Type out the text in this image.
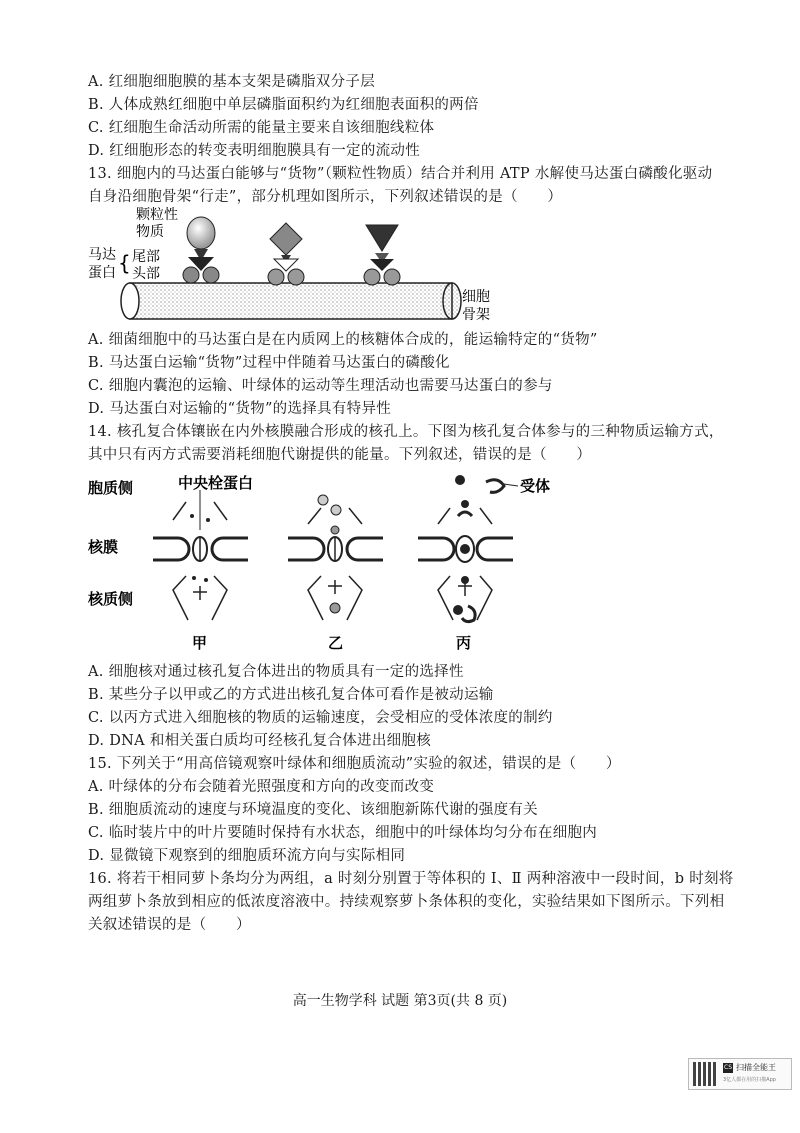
A. 红细胞细胞膜的基本支架是磷脂双分子层
B. 人体成熟红细胞中单层磷脂面积约为红细胞表面积的两倍
C. 红细胞生命活动所需的能量主要来自该细胞线粒体
D. 红细胞形态的转变表明细胞膜具有一定的流动性
13. 细胞内的马达蛋白能够与“货物”（颗粒性物质）结合并利用 ATP 水解使马达蛋白磷酸化驱动
自身沿细胞骨架“行走”，部分机理如图所示，下列叙述错误的是（　　）
颗粒性
物质
马达
蛋白 { 尾部
头部
细胞
骨架
A. 细菌细胞中的马达蛋白是在内质网上的核糖体合成的，能运输特定的“货物”
B. 马达蛋白运输“货物”过程中伴随着马达蛋白的磷酸化
C. 细胞内囊泡的运输、叶绿体的运动等生理活动也需要马达蛋白的参与
D. 马达蛋白对运输的“货物”的选择具有特异性
14. 核孔复合体镶嵌在内外核膜融合形成的核孔上。下图为核孔复合体参与的三种物质运输方式，
其中只有丙方式需要消耗细胞代谢提供的能量。下列叙述，错误的是（　　）
胞质侧
核膜
核质侧
中央栓蛋白	受体
甲	乙	丙
A. 细胞核对通过核孔复合体进出的物质具有一定的选择性
B. 某些分子以甲或乙的方式进出核孔复合体可看作是被动运输
C. 以丙方式进入细胞核的物质的运输速度，会受相应的受体浓度的制约
D. DNA 和相关蛋白质均可经核孔复合体进出细胞核
15. 下列关于“用高倍镜观察叶绿体和细胞质流动”实验的叙述，错误的是（　　）
A. 叶绿体的分布会随着光照强度和方向的改变而改变
B. 细胞质流动的速度与环境温度的变化、该细胞新陈代谢的强度有关
C. 临时装片中的叶片要随时保持有水状态，细胞中的叶绿体均匀分布在细胞内
D. 显微镜下观察到的细胞质环流方向与实际相同
16. 将若干相同萝卜条均分为两组，a 时刻分别置于等体积的 Ⅰ、Ⅱ 两种溶液中一段时间，b 时刻将
两组萝卜条放到相应的低浓度溶液中。持续观察萝卜条体积的变化，实验结果如下图所示。下列相
关叙述错误的是（　　）
高一生物学科 试题 第3页(共 8 页)
CS 扫描全能王
3亿人都在用的扫描App
